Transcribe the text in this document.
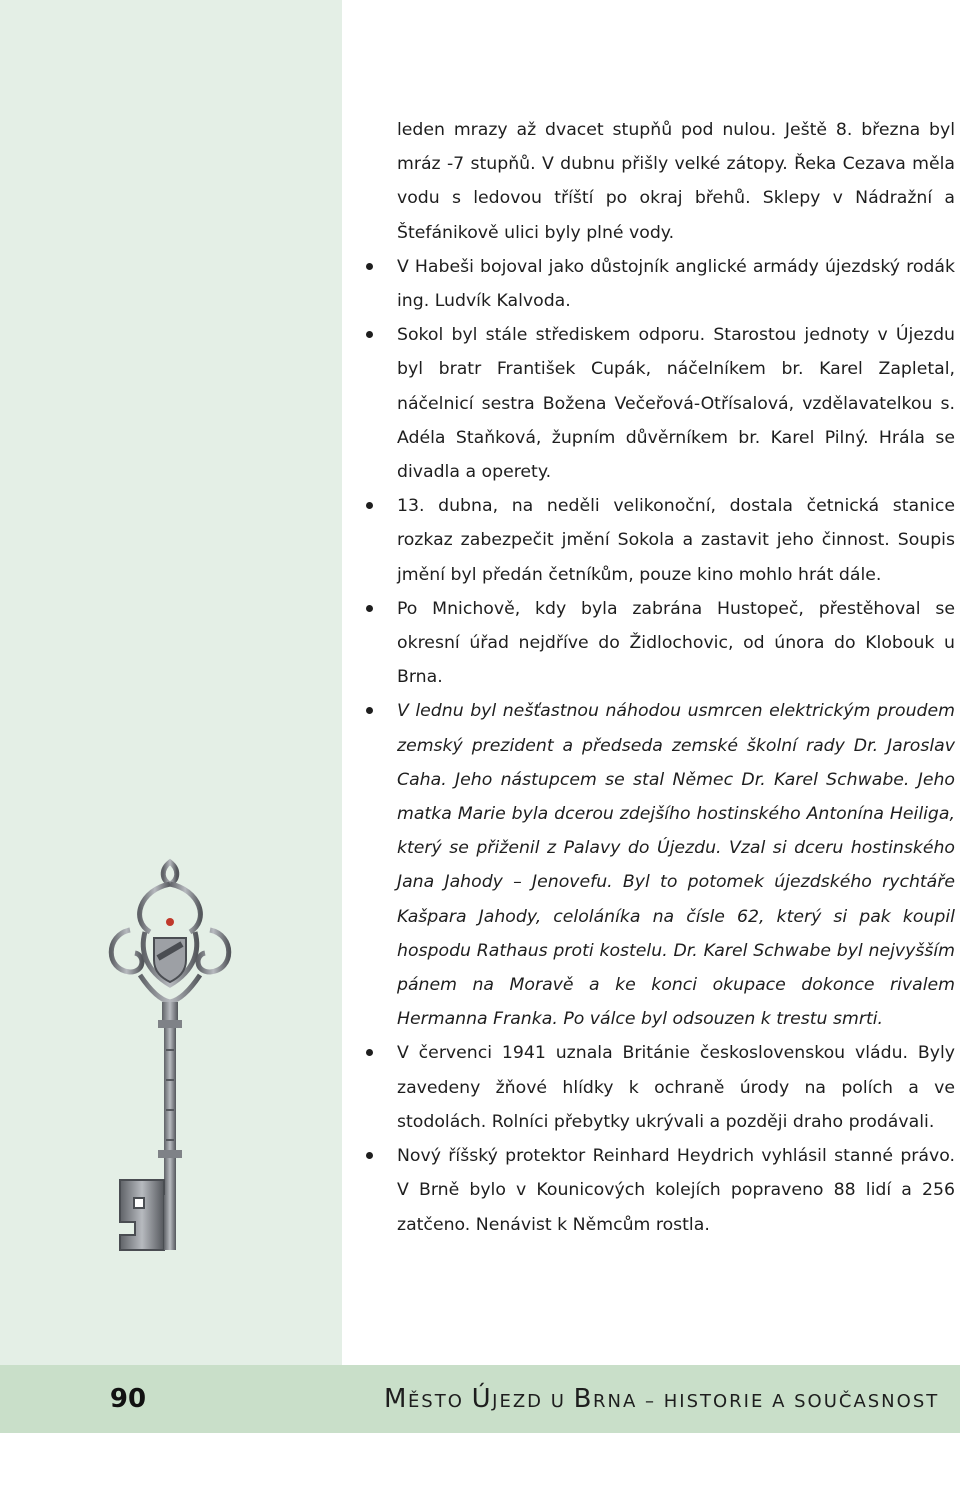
leden mrazy až dvacet stupňů pod nulou. Ještě 8. března byl mráz -7 stupňů. V dubnu přišly velké zátopy. Řeka Cezava měla vodu s ledovou tříští po okraj břehů. Sklepy v Nádražní a Štefánikově ulici byly plné vody.

V Habeši bojoval jako důstojník anglické armády újezdský rodák ing. Ludvík Kalvoda.

Sokol byl stále střediskem odporu. Starostou jednoty v Újezdu byl bratr František Cupák, náčelníkem br. Karel Zapletal, náčelnicí sestra Božena Večeřová-Otřísalová, vzdělavatelkou s. Adéla Staňková, župním důvěrníkem br. Karel Pilný. Hrála se divadla a operety.

13. dubna, na neděli velikonoční, dostala četnická stanice rozkaz zabezpečit jmění Sokola a zastavit jeho činnost. Soupis jmění byl předán četníkům, pouze kino mohlo hrát dále.

Po Mnichově, kdy byla zabrána Hustopeč, přestěhoval se okresní úřad nejdříve do Židlochovic, od února do Klobouk u Brna.

V lednu byl nešťastnou náhodou usmrcen elektrickým proudem zemský prezident a předseda zemské školní rady Dr. Jaroslav Caha. Jeho nástupcem se stal Němec Dr. Karel Schwabe. Jeho matka Marie byla dcerou zdejšího hostinského Antonína Heiliga, který se přiženil z Palavy do Újezdu. Vzal si dceru hostinského Jana Jahody – Jenovefu. Byl to potomek újezdského rychtáře Kašpara Jahody, celoláníka na čísle 62, který si pak koupil hospodu Rathaus proti kostelu. Dr. Karel Schwabe byl nejvyšším pánem na Moravě a ke konci okupace dokonce rivalem Hermanna Franka. Po válce byl odsouzen k trestu smrti.

V červenci 1941 uznala Británie československou vládu. Byly zavedeny žňové hlídky k ochraně úrody na polích a ve stodolách. Rolníci přebytky ukrývali a později draho prodávali.

Nový říšský protektor Reinhard Heydrich vyhlásil stanné právo. V Brně bylo v Kounicových kolejích popraveno 88 lidí a 256 zatčeno. Nenávist k Němcům rostla.

90	MĚSTO ÚJEZD U BRNA – HISTORIE A SOUČASNOST
